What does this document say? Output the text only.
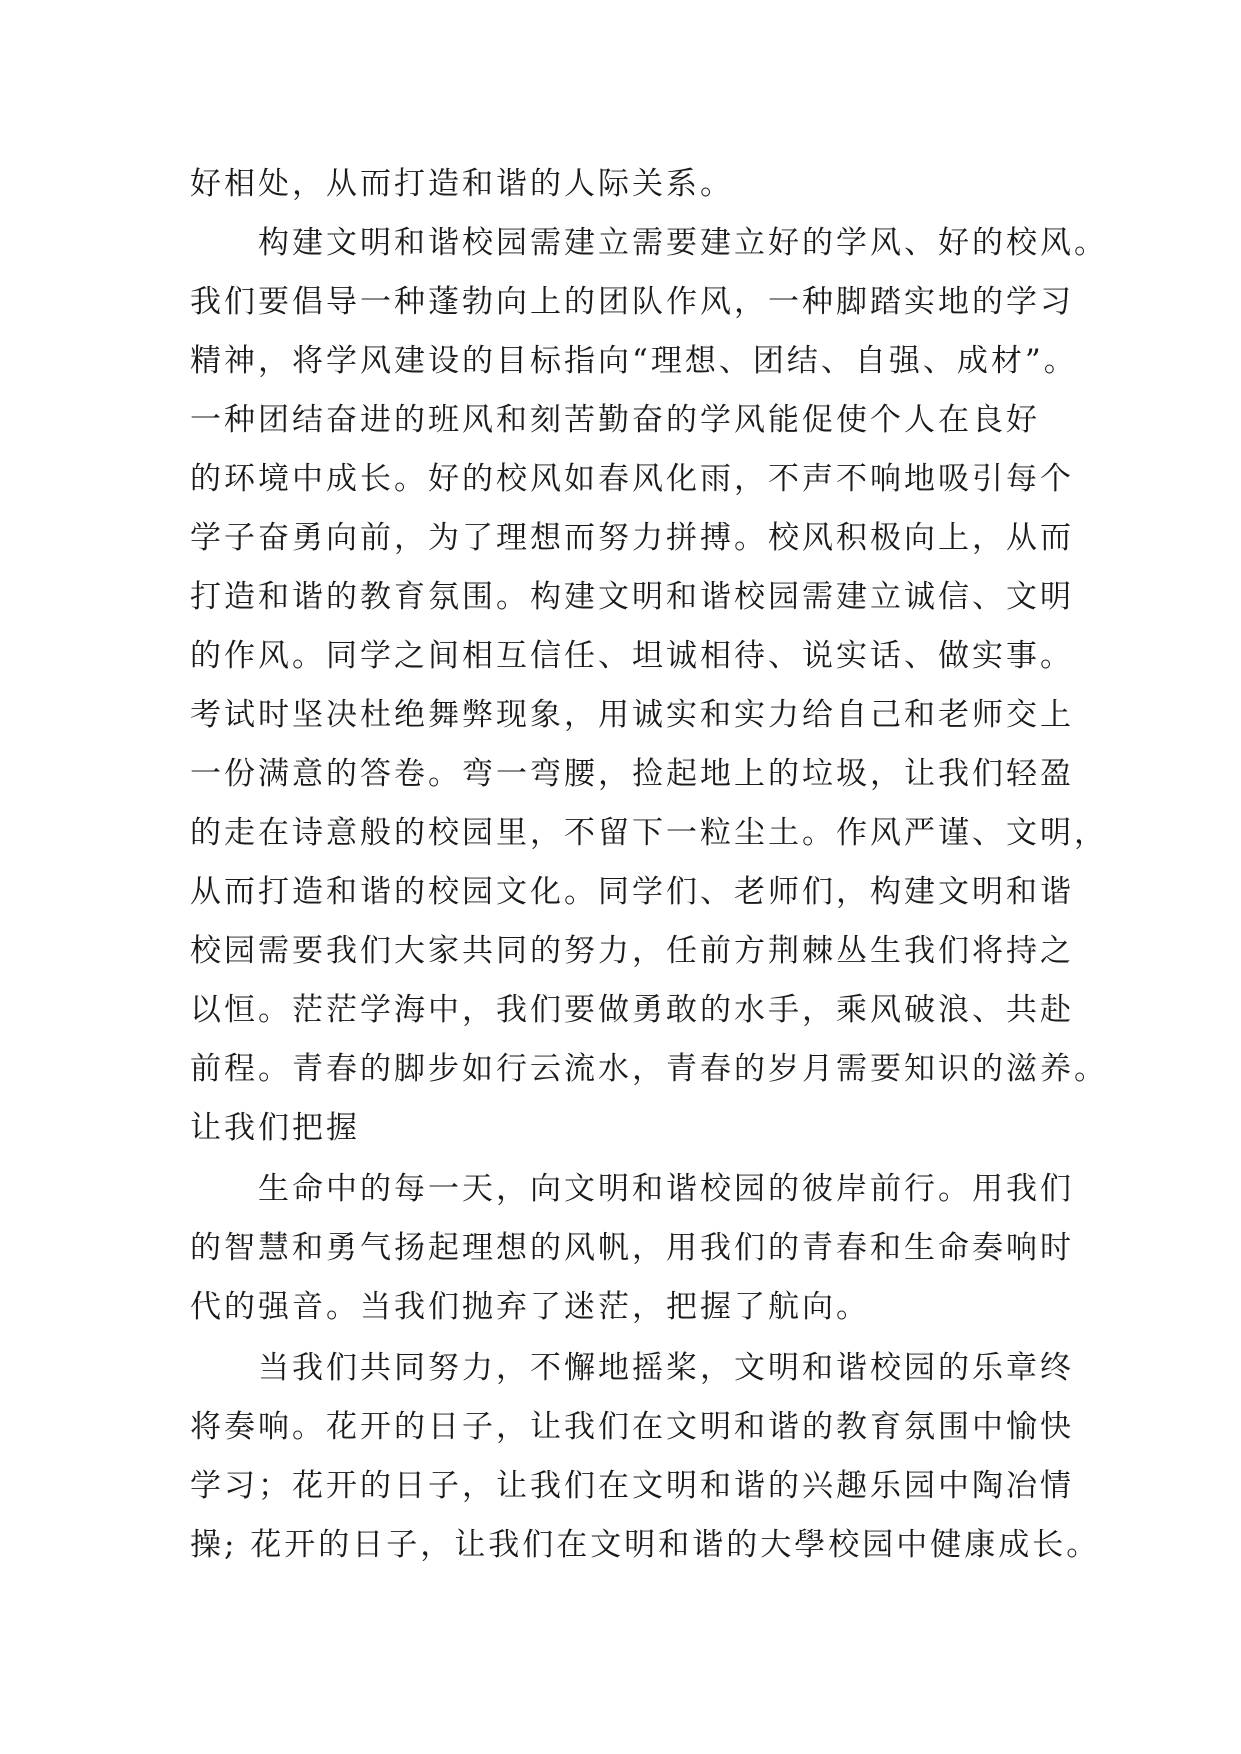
好相处，从而打造和谐的人际关系。
构建文明和谐校园需建立需要建立好的学风、好的校风。
我们要倡导一种蓬勃向上的团队作风，一种脚踏实地的学习
精神，将学风建设的目标指向“理想、团结、自强、成材”。
一种团结奋进的班风和刻苦勤奋的学风能促使个人在良好
的环境中成长。好的校风如春风化雨，不声不响地吸引每个
学子奋勇向前，为了理想而努力拼搏。校风积极向上，从而
打造和谐的教育氛围。构建文明和谐校园需建立诚信、文明
的作风。同学之间相互信任、坦诚相待、说实话、做实事。
考试时坚决杜绝舞弊现象，用诚实和实力给自己和老师交上
一份满意的答卷。弯一弯腰，捡起地上的垃圾，让我们轻盈
的走在诗意般的校园里，不留下一粒尘土。作风严谨、文明，
从而打造和谐的校园文化。同学们、老师们，构建文明和谐
校园需要我们大家共同的努力，任前方荆棘丛生我们将持之
以恒。茫茫学海中，我们要做勇敢的水手，乘风破浪、共赴
前程。青春的脚步如行云流水，青春的岁月需要知识的滋养。
让我们把握
生命中的每一天，向文明和谐校园的彼岸前行。用我们
的智慧和勇气扬起理想的风帆，用我们的青春和生命奏响时
代的强音。当我们抛弃了迷茫，把握了航向。
当我们共同努力，不懈地摇桨，文明和谐校园的乐章终
将奏响。花开的日子，让我们在文明和谐的教育氛围中愉快
学习；花开的日子，让我们在文明和谐的兴趣乐园中陶冶情
操; 花开的日子，让我们在文明和谐的大學校园中健康成长。
